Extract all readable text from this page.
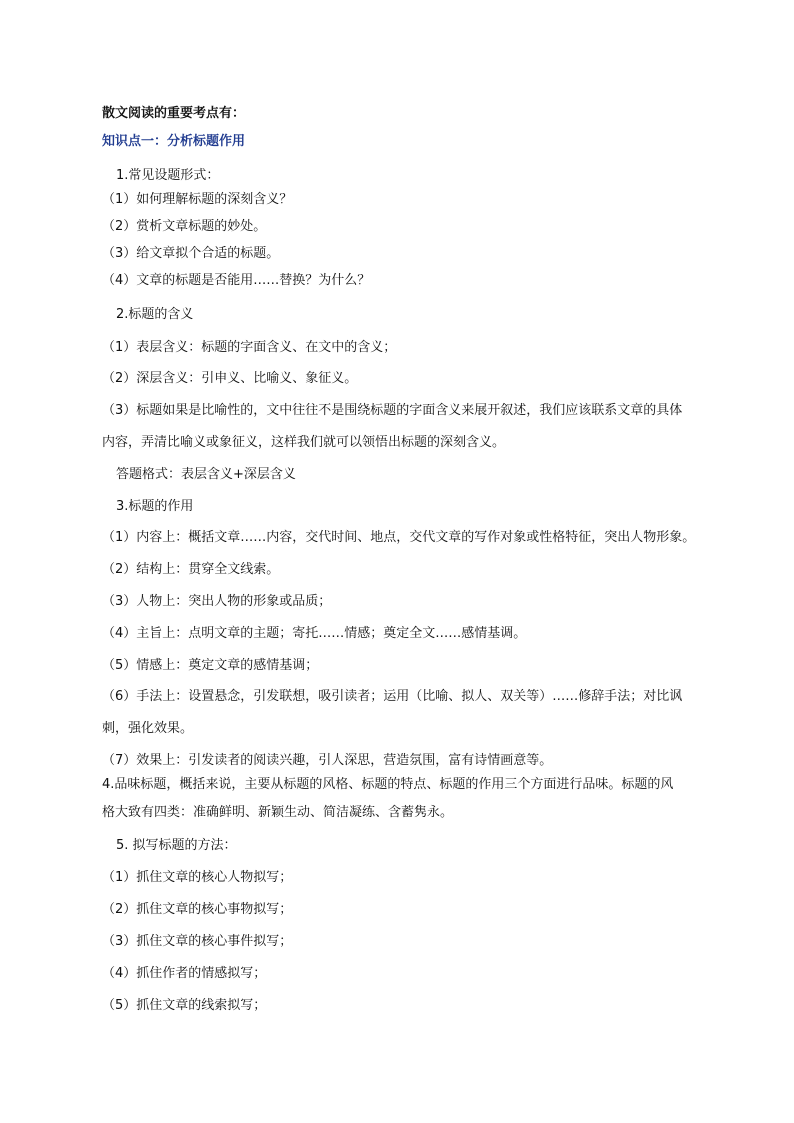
散文阅读的重要考点有：
知识点一：分析标题作用
1.常见设题形式：
（1）如何理解标题的深刻含义？
（2）赏析文章标题的妙处。
（3）给文章拟个合适的标题。
（4）文章的标题是否能用……替换？为什么？
2.标题的含义
（1）表层含义：标题的字面含义、在文中的含义；
（2）深层含义：引申义、比喻义、象征义。
（3）标题如果是比喻性的，文中往往不是围绕标题的字面含义来展开叙述，我们应该联系文章的具体
内容，弄清比喻义或象征义，这样我们就可以领悟出标题的深刻含义。
答题格式：表层含义+深层含义
3.标题的作用
（1）内容上：概括文章……内容，交代时间、地点，交代文章的写作对象或性格特征，突出人物形象。
（2）结构上：贯穿全文线索。
（3）人物上：突出人物的形象或品质；
（4）主旨上：点明文章的主题；寄托……情感；奠定全文……感情基调。
（5）情感上：奠定文章的感情基调；
（6）手法上：设置悬念，引发联想，吸引读者；运用（比喻、拟人、双关等）……修辞手法；对比讽
刺，强化效果。
（7）效果上：引发读者的阅读兴趣，引人深思，营造氛围，富有诗情画意等。
4.品味标题，概括来说，主要从标题的风格、标题的特点、标题的作用三个方面进行品味。标题的风
格大致有四类：准确鲜明、新颖生动、简洁凝练、含蓄隽永。
5. 拟写标题的方法：
（1）抓住文章的核心人物拟写；
（2）抓住文章的核心事物拟写；
（3）抓住文章的核心事件拟写；
（4）抓住作者的情感拟写；
（5）抓住文章的线索拟写；
